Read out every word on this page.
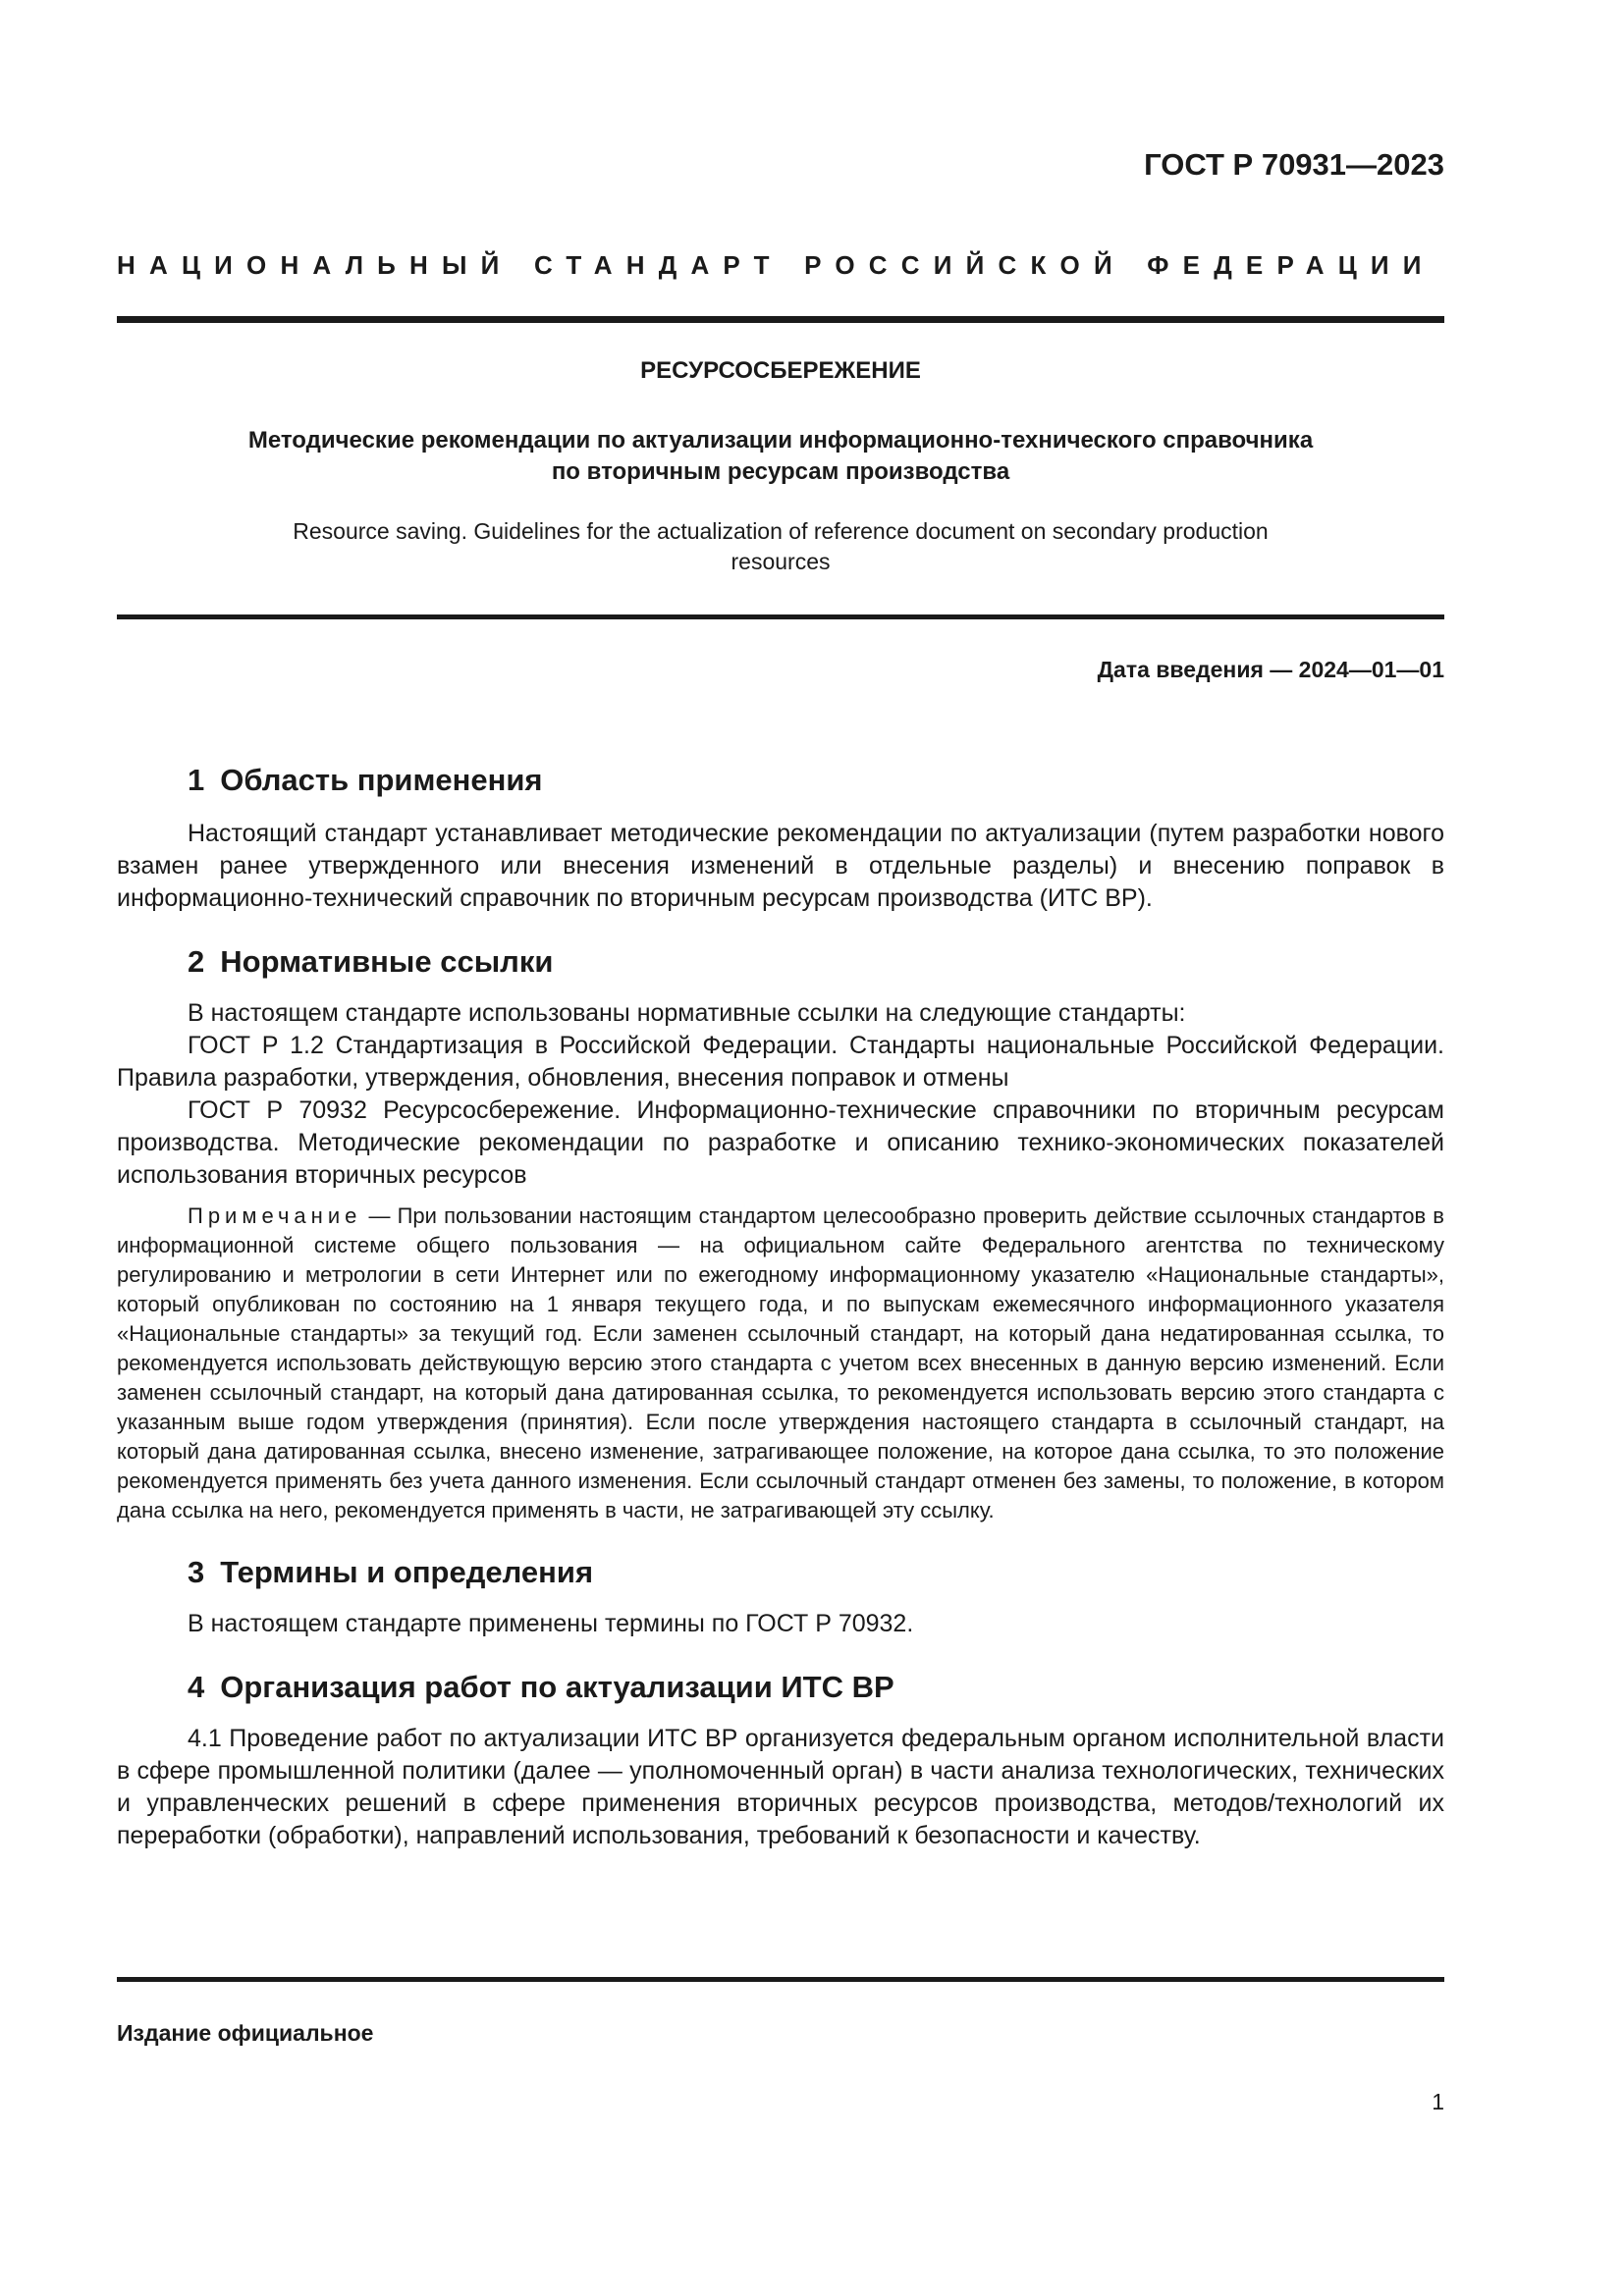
ГОСТ Р 70931—2023
НАЦИОНАЛЬНЫЙ СТАНДАРТ РОССИЙСКОЙ ФЕДЕРАЦИИ
РЕСУРСОСБЕРЕЖЕНИЕ
Методические рекомендации по актуализации информационно-технического справочника
по вторичным ресурсам производства
Resource saving. Guidelines for the actualization of reference document on secondary production
resources
Дата введения — 2024—01—01
1 Область применения

Настоящий стандарт устанавливает методические рекомендации по актуализации (путем разработки нового взамен ранее утвержденного или внесения изменений в отдельные разделы) и внесению поправок в информационно-технический справочник по вторичным ресурсам производства (ИТС ВР).

2 Нормативные ссылки

В настоящем стандарте использованы нормативные ссылки на следующие стандарты:

ГОСТ Р 1.2 Стандартизация в Российской Федерации. Стандарты национальные Российской Федерации. Правила разработки, утверждения, обновления, внесения поправок и отмены

ГОСТ Р 70932 Ресурсосбережение. Информационно-технические справочники по вторичным ресурсам производства. Методические рекомендации по разработке и описанию технико-экономических показателей использования вторичных ресурсов

Примечание — При пользовании настоящим стандартом целесообразно проверить действие ссылочных стандартов в информационной системе общего пользования — на официальном сайте Федерального агентства по техническому регулированию и метрологии в сети Интернет или по ежегодному информационному указателю «Национальные стандарты», который опубликован по состоянию на 1 января текущего года, и по выпускам ежемесячного информационного указателя «Национальные стандарты» за текущий год. Если заменен ссылочный стандарт, на который дана недатированная ссылка, то рекомендуется использовать действующую версию этого стандарта с учетом всех внесенных в данную версию изменений. Если заменен ссылочный стандарт, на который дана датированная ссылка, то рекомендуется использовать версию этого стандарта с указанным выше годом утверждения (принятия). Если после утверждения настоящего стандарта в ссылочный стандарт, на который дана датированная ссылка, внесено изменение, затрагивающее положение, на которое дана ссылка, то это положение рекомендуется применять без учета данного изменения. Если ссылочный стандарт отменен без замены, то положение, в котором дана ссылка на него, рекомендуется применять в части, не затрагивающей эту ссылку.

3 Термины и определения

В настоящем стандарте применены термины по ГОСТ Р 70932.

4 Организация работ по актуализации ИТС ВР

4.1 Проведение работ по актуализации ИТС ВР организуется федеральным органом исполнительной власти в сфере промышленной политики (далее — уполномоченный орган) в части анализа технологических, технических и управленческих решений в сфере применения вторичных ресурсов производства, методов/технологий их переработки (обработки), направлений использования, требований к безопасности и качеству.

Издание официальное
1
